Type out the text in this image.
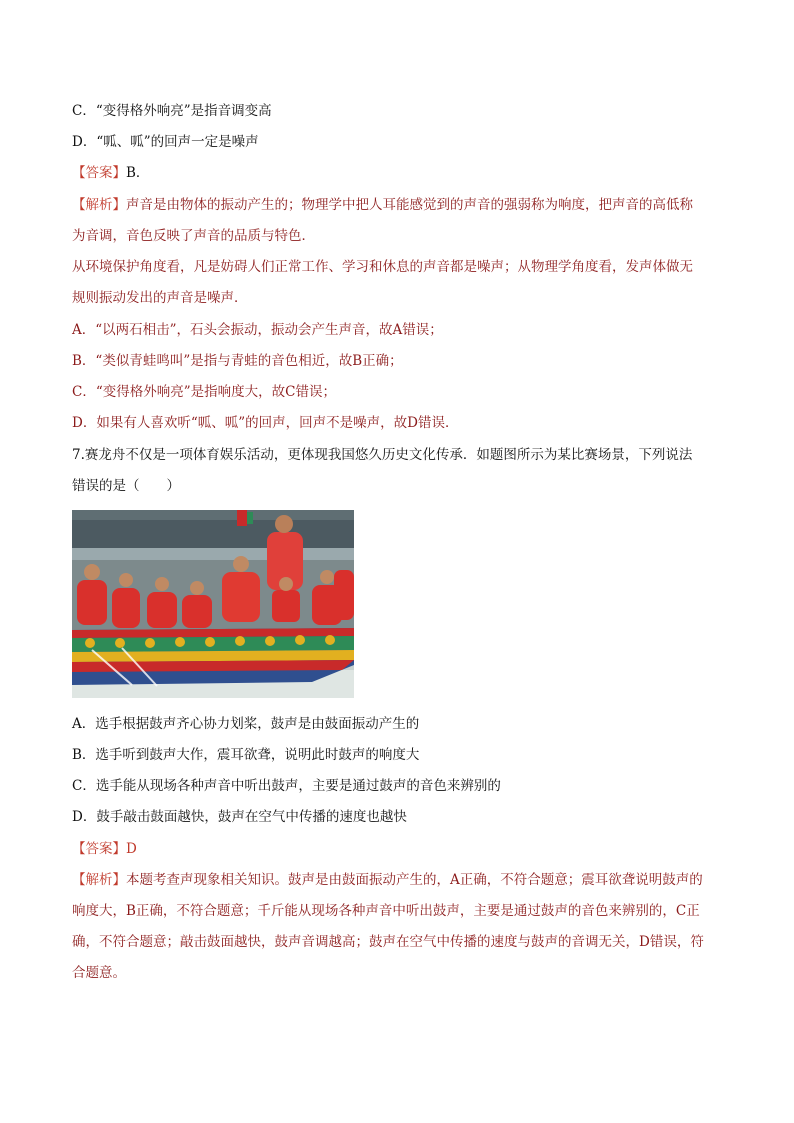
C．“变得格外响亮”是指音调变高
D．“呱、呱”的回声一定是噪声
【答案】B．
【解析】声音是由物体的振动产生的；物理学中把人耳能感觉到的声音的强弱称为响度，把声音的高低称
为音调，音色反映了声音的品质与特色．
从环境保护角度看，凡是妨碍人们正常工作、学习和休息的声音都是噪声；从物理学角度看，发声体做无
规则振动发出的声音是噪声．
A．“以两石相击”，石头会振动，振动会产生声音，故A错误；
B．“类似青蛙鸣叫”是指与青蛙的音色相近，故B正确；
C．“变得格外响亮”是指响度大，故C错误；
D．如果有人喜欢听“呱、呱”的回声，回声不是噪声，故D错误．
7.赛龙舟不仅是一项体育娱乐活动，更体现我国悠久历史文化传承．如题图所示为某比赛场景，下列说法
错误的是（　　）
A．选手根据鼓声齐心协力划桨，鼓声是由鼓面振动产生的
B．选手听到鼓声大作，震耳欲聋，说明此时鼓声的响度大
C．选手能从现场各种声音中听出鼓声，主要是通过鼓声的音色来辨别的
D．鼓手敲击鼓面越快，鼓声在空气中传播的速度也越快
【答案】D
【解析】本题考查声现象相关知识。鼓声是由鼓面振动产生的，A正确，不符合题意；震耳欲聋说明鼓声的
响度大，B正确，不符合题意；千斤能从现场各种声音中听出鼓声，主要是通过鼓声的音色来辨别的，C正
确，不符合题意；敲击鼓面越快，鼓声音调越高；鼓声在空气中传播的速度与鼓声的音调无关，D错误，符
合题意。
